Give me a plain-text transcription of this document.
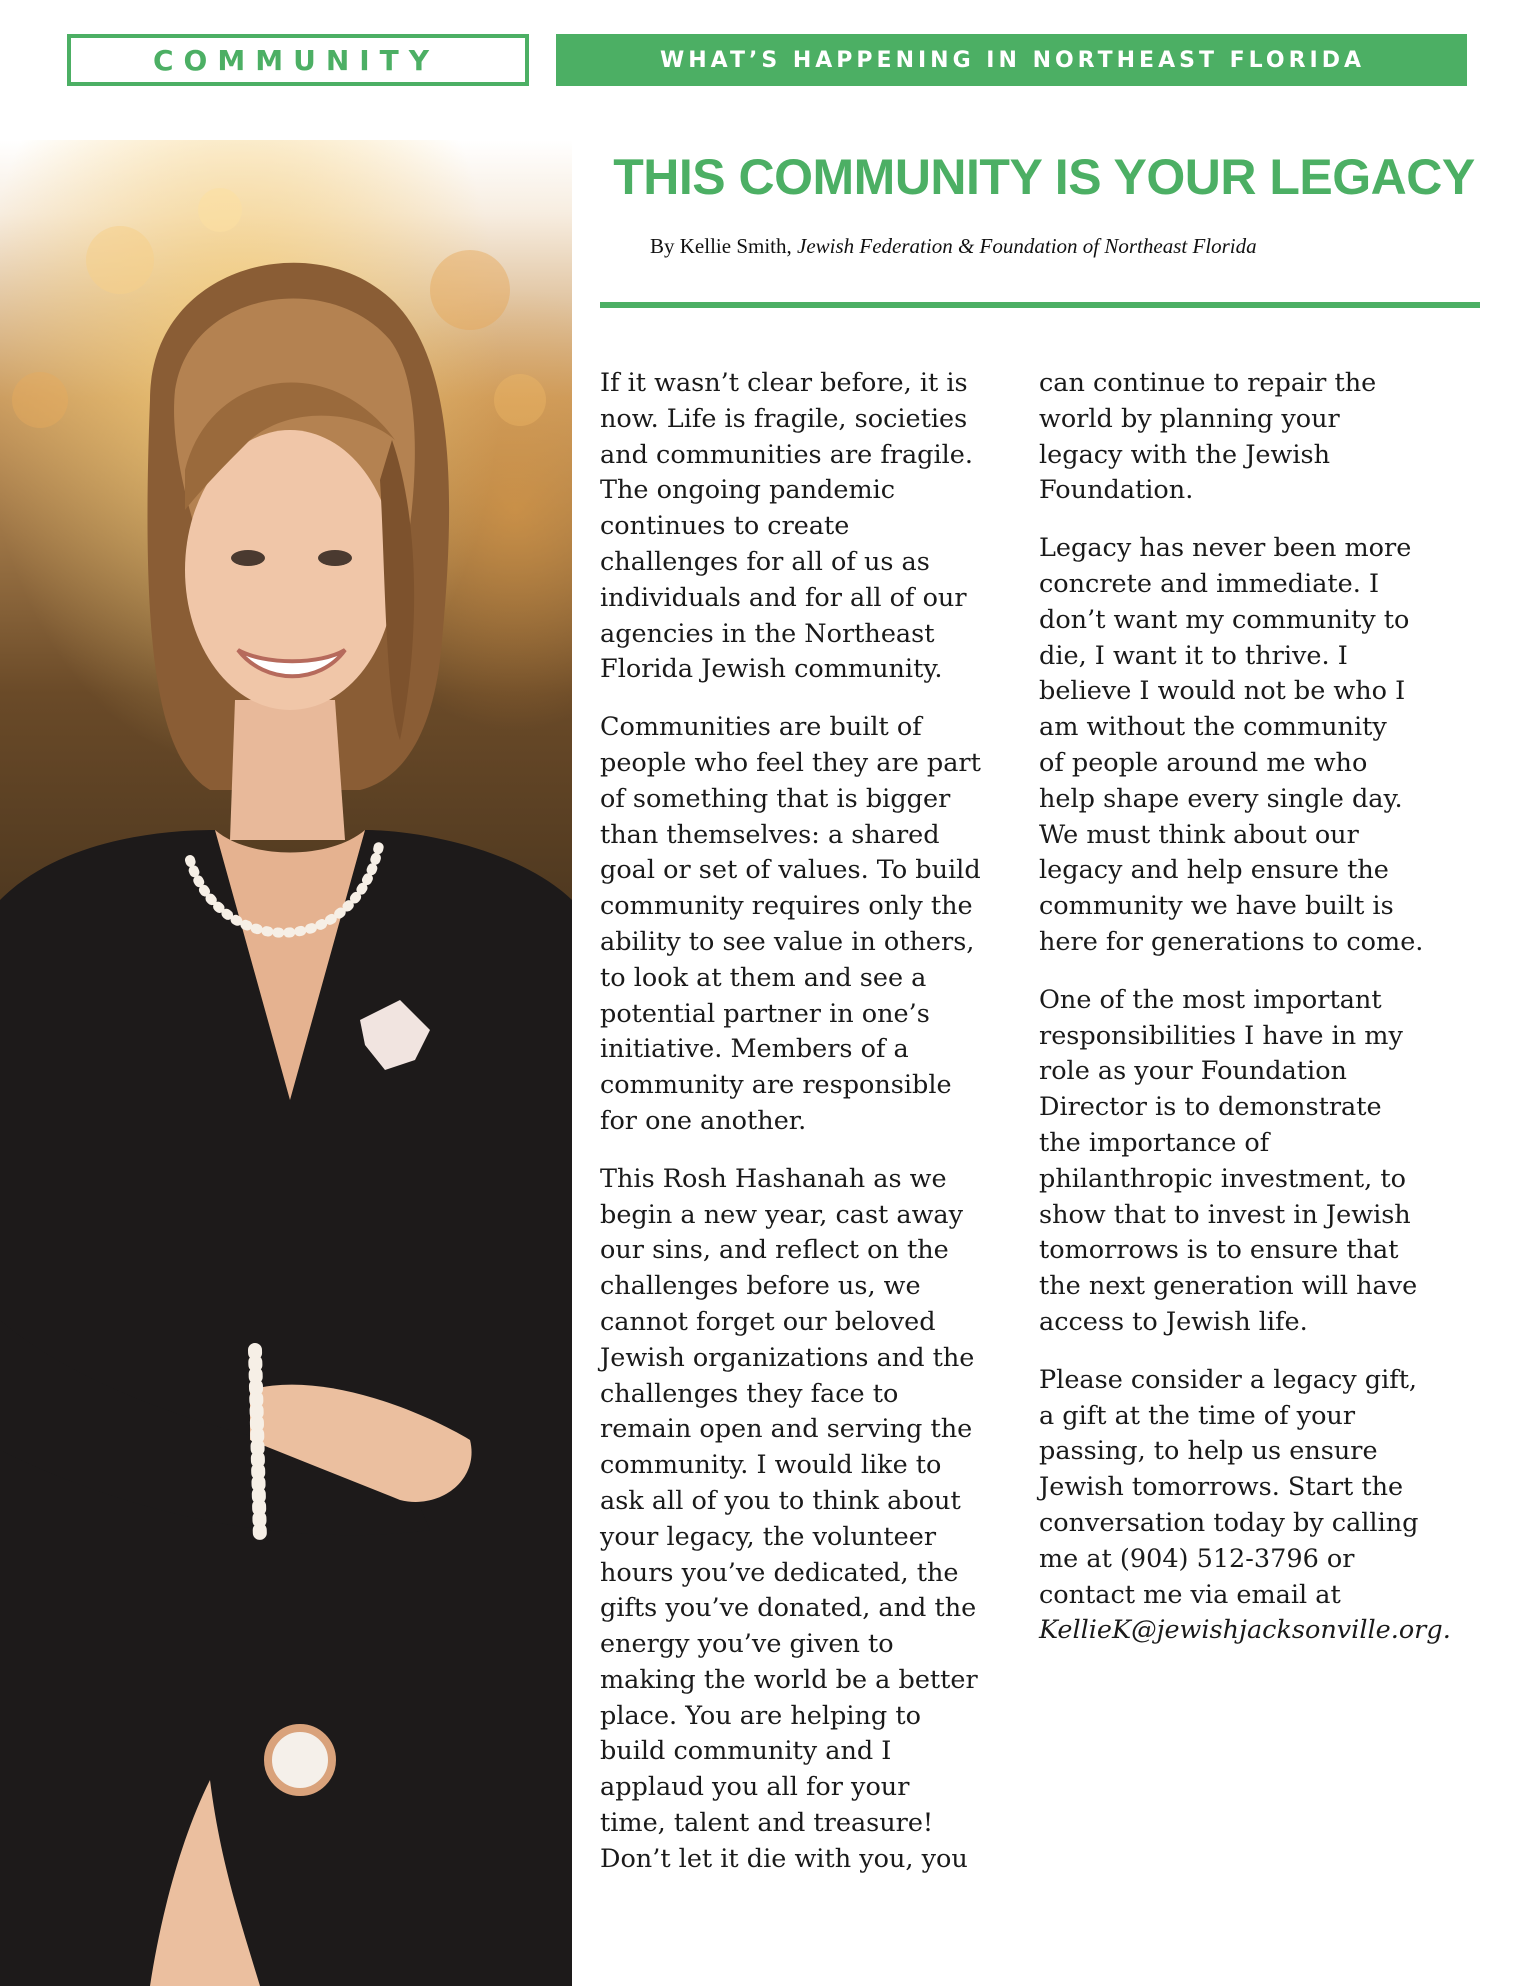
COMMUNITY	WHAT’S HAPPENING IN NORTHEAST FLORIDA
THIS COMMUNITY IS YOUR LEGACY
By Kellie Smith, Jewish Federation & Foundation of Northeast Florida

If it wasn’t clear before, it is
now. Life is fragile, societies
and communities are fragile.
The ongoing pandemic
continues to create
challenges for all of us as
individuals and for all of our
agencies in the Northeast
Florida Jewish community.

Communities are built of
people who feel they are part
of something that is bigger
than themselves: a shared
goal or set of values. To build
community requires only the
ability to see value in others,
to look at them and see a
potential partner in one’s
initiative. Members of a
community are responsible
for one another.

This Rosh Hashanah as we
begin a new year, cast away
our sins, and reflect on the
challenges before us, we
cannot forget our beloved
Jewish organizations and the
challenges they face to
remain open and serving the
community. I would like to
ask all of you to think about
your legacy, the volunteer
hours you’ve dedicated, the
gifts you’ve donated, and the
energy you’ve given to
making the world be a better
place. You are helping to
build community and I
applaud you all for your
time, talent and treasure!
Don’t let it die with you, you

can continue to repair the
world by planning your
legacy with the Jewish
Foundation.

Legacy has never been more
concrete and immediate. I
don’t want my community to
die, I want it to thrive. I
believe I would not be who I
am without the community
of people around me who
help shape every single day.
We must think about our
legacy and help ensure the
community we have built is
here for generations to come.

One of the most important
responsibilities I have in my
role as your Foundation
Director is to demonstrate
the importance of
philanthropic investment, to
show that to invest in Jewish
tomorrows is to ensure that
the next generation will have
access to Jewish life.

Please consider a legacy gift,
a gift at the time of your
passing, to help us ensure
Jewish tomorrows. Start the
conversation today by calling
me at (904) 512-3796 or
contact me via email at
KellieK@jewishjacksonville.org.
